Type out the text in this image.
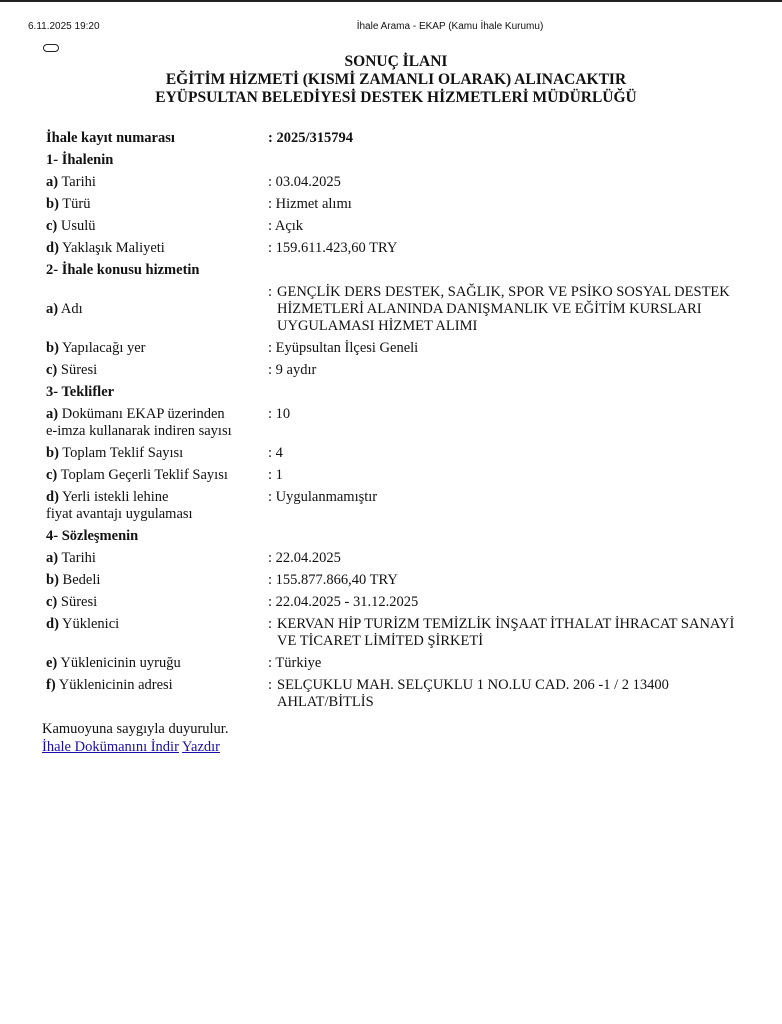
6.11.2025 19:20	İhale Arama - EKAP (Kamu İhale Kurumu)
SONUÇ İLANI
EĞİTİM HİZMETİ (KISMİ ZAMANLI OLARAK) ALINACAKTIR
EYÜPSULTAN BELEDİYESİ DESTEK HİZMETLERİ MÜDÜRLÜĞÜ
İhale kayıt numarası	: 2025/315794
1- İhalenin
a) Tarihi	: 03.04.2025
b) Türü	: Hizmet alımı
c) Usulü	: Açık
d) Yaklaşık Maliyeti	: 159.611.423,60 TRY
2- İhale konusu hizmetin
a) Adı
: GENÇLİK DERS DESTEK, SAĞLIK, SPOR VE PSİKO SOSYAL DESTEK HİZMETLERİ ALANINDA DANIŞMANLIK VE EĞİTİM KURSLARI UYGULAMASI HİZMET ALIMI
b) Yapılacağı yer	: Eyüpsultan İlçesi Geneli
c) Süresi	: 9 aydır
3- Teklifler
a) Dokümanı EKAP üzerinden
e-imza kullanarak indiren sayısı
: 10
b) Toplam Teklif Sayısı	: 4
c) Toplam Geçerli Teklif Sayısı	: 1
d) Yerli istekli lehine
fiyat avantajı uygulaması
: Uygulanmamıştır
4- Sözleşmenin
a) Tarihi	: 22.04.2025
b) Bedeli	: 155.877.866,40 TRY
c) Süresi	: 22.04.2025 - 31.12.2025
d) Yüklenici	: KERVAN HİP TURİZM TEMİZLİK İNŞAAT İTHALAT İHRACAT SANAYİ VE TİCARET LİMİTED ŞİRKETİ
e) Yüklenicinin uyruğu	: Türkiye
f) Yüklenicinin adresi	: SELÇUKLU MAH. SELÇUKLU 1 NO.LU CAD. 206 -1 / 2 13400 AHLAT/BİTLİS
Kamuoyuna saygıyla duyurulur.
İhale Dokümanını İndir Yazdır
